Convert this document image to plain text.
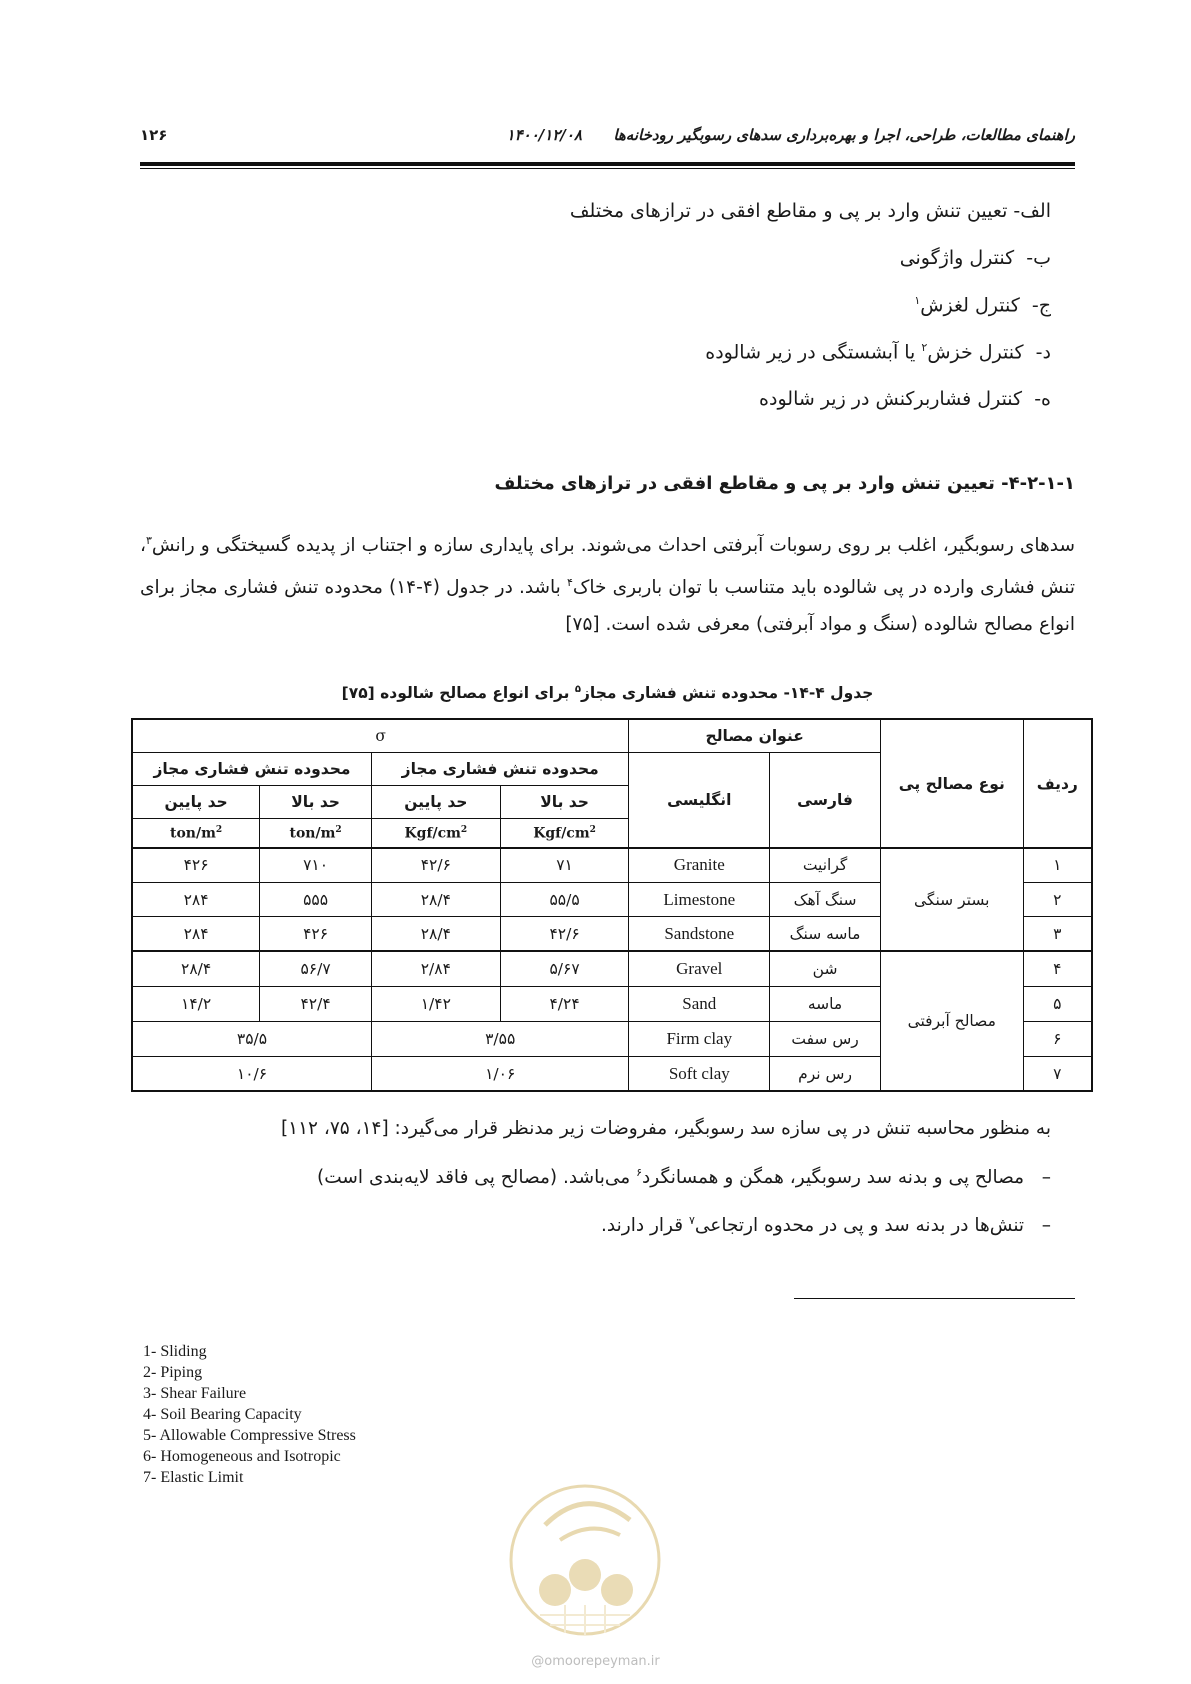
۱۲۶	راهنمای مطالعات، طراحی، اجرا و بهره‌برداری سدهای رسوبگیر رودخانه‌ها      ۱۴۰۰/۱۲/۰۸
الف- تعیین تنش وارد بر پی و مقاطع افقی در ترازهای مختلف
ب-  کنترل واژگونی
ج-  کنترل لغزش$^۱$
د-  کنترل خزش$^۲$ یا آبشستگی در زیر شالوده
ه-  کنترل فشاربرکنش در زیر شالوده
۴-۲-۱-۱- تعیین تنش وارد بر پی و مقاطع افقی در ترازهای مختلف

سدهای رسوبگیر، اغلب بر روی رسوبات آبرفتی احداث می‌شوند. برای پایداری سازه و اجتناب از پدیده گسیختگی و رانش$^۳$، تنش فشاری وارده در پی شالوده باید متناسب با توان باربری خاک$^۴$ باشد. در جدول (۴-۱۴) محدوده تنش فشاری مجاز برای انواع مصالح شالوده (سنگ و مواد آبرفتی) معرفی شده است. [۷۵]

جدول ۴-۱۴- محدوده تنش فشاری مجاز$^۵$ برای انواع مصالح شالوده [۷۵]
σ				عنوان مصالح		نوع مصالح پی	ردیف
محدوده تنش فشاری مجاز		محدوده تنش فشاری مجاز		انگلیسی	فارسی		
حد پایین	حد بالا	حد پایین	حد بالا				
ton/$m^2$	ton/$m^2$	Kgf/$cm^2$	Kgf/$cm^2$
۴۲۶	۷۱۰	۴۲/۶	۷۱	Granite	گرانیت	بستر سنگی	۱
۲۸۴	۵۵۵	۲۸/۴	۵۵/۵	Limestone	سنگ آهک		۲
۲۸۴	۴۲۶	۲۸/۴	۴۲/۶	Sandstone	ماسه سنگ		۳
۲۸/۴	۵۶/۷	۲/۸۴	۵/۶۷	Gravel	شن	مصالح آبرفتی	۴
۱۴/۲	۴۲/۴	۱/۴۲	۴/۲۴	Sand	ماسه		۵
۳۵/۵		۳/۵۵		Firm clay	رس سفت		۶
۱۰/۶		۱/۰۶		Soft clay	رس نرم		۷
به منظور محاسبه تنش در پی سازه سد رسوبگیر، مفروضات زیر مدنظر قرار می‌گیرد: [۱۴، ۷۵، ۱۱۲]
–   مصالح پی و بدنه سد رسوبگیر، همگن و همسانگرد$^۶$ می‌باشد. (مصالح پی فاقد لایه‌بندی است)
–   تنش‌ها در بدنه سد و پی در محدوه ارتجاعی$^۷$ قرار دارند.
1- Sliding
2- Piping
3- Shear Failure
4- Soil Bearing Capacity
5- Allowable Compressive Stress
6- Homogeneous and Isotropic
7- Elastic Limit
@omoorepeyman.ir
